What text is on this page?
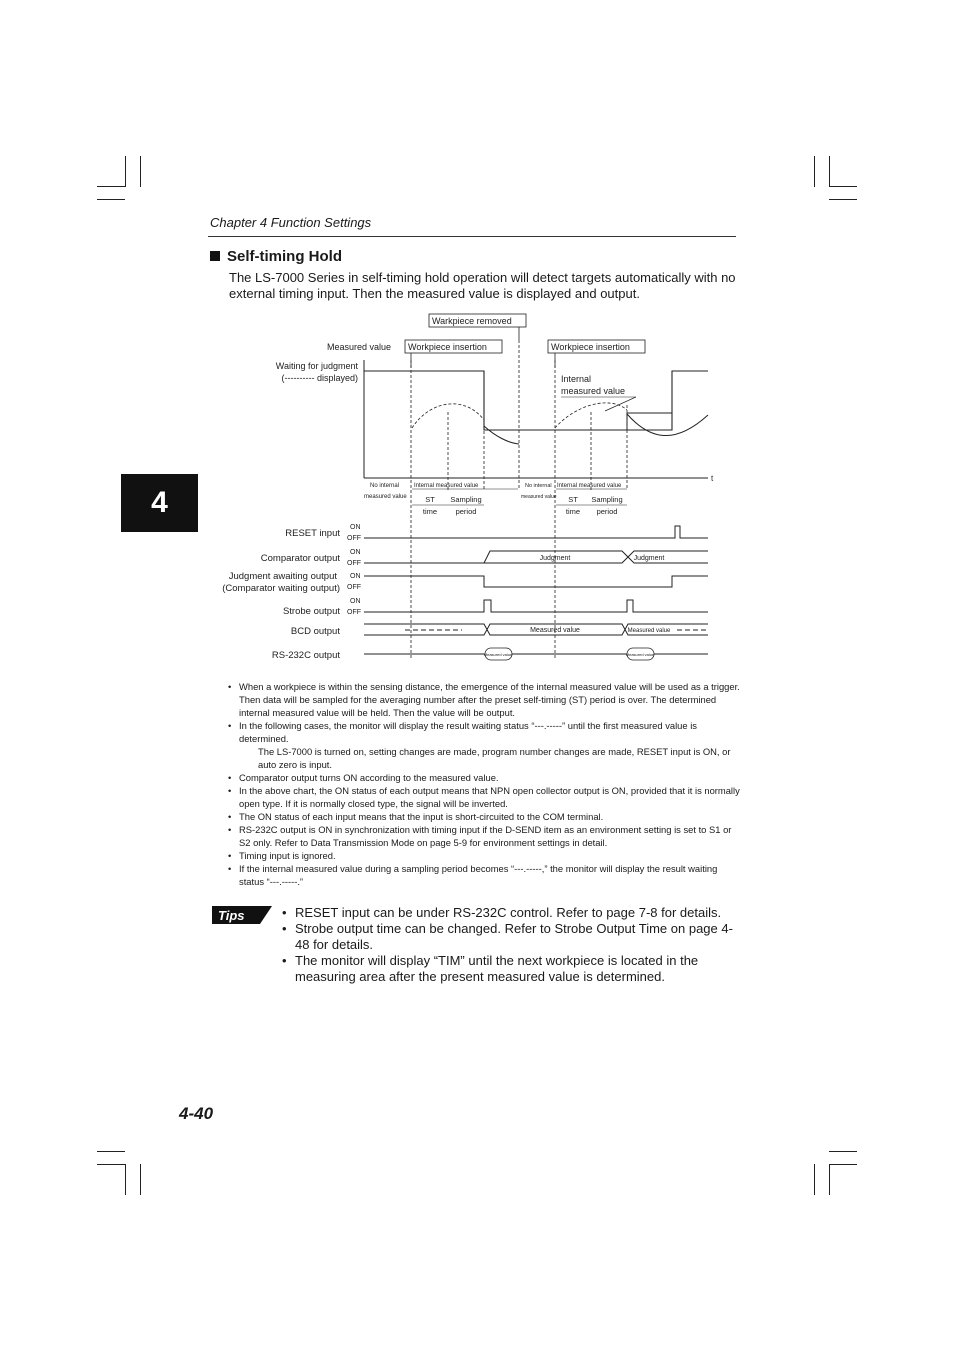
Chapter 4 Function Settings
4
Self-timing Hold
The LS-7000 Series in self-timing hold operation will detect targets automatically with no external timing input. Then the measured value is displayed and output.
Warkpiece removed
Measured value Workpiece insertion	Workpiece insertion
Waiting for judgment
(---------- displayed)	Internal
measured value
t
No internal
measured value
Internal measured value	No internal
measured value
Internal measured value
ST
time
Sampling
period
ST
time
Sampling
period
RESET input
ON
OFF
Comparator output
ON
OFF
Judgment	Judgment
Judgment awaiting output
(Comparator waiting output)
ON
OFF
Strobe output
ON
OFF
BCD output	Measured value	Measured value
RS-232C output	Measured value	Measured value
• When a workpiece is within the sensing distance, the emergence of the internal measured value will be used as a trigger. Then data will be sampled for the averaging number after the preset self-timing (ST) period is over. The determined internal measured value will be held. Then the value will be output.
• In the following cases, the monitor will display the result waiting status “---.-----” until the first measured value is determined.
The LS-7000 is turned on, setting changes are made, program number changes are made, RESET input is ON, or auto zero is input.
• Comparator output turns ON according to the measured value.
• In the above chart, the ON status of each output means that NPN open collector output is ON, provided that it is normally open type. If it is normally closed type, the signal will be inverted.
• The ON status of each input means that the input is short-circuited to the COM terminal.
• RS-232C output is ON in synchronization with timing input if the D-SEND item as an environment setting is set to S1 or S2 only. Refer to Data Transmission Mode on page 5-9 for environment settings in detail.
• Timing input is ignored.
• If the internal measured value during a sampling period becomes “---.-----,” the monitor will display the result waiting status “---.-----.”
Tips	• RESET input can be under RS-232C control. Refer to page 7-8 for details.
• Strobe output time can be changed. Refer to Strobe Output Time on page 4-48 for details.
• The monitor will display “TIM” until the next workpiece is located in the measuring area after the present measured value is determined.
4-40
